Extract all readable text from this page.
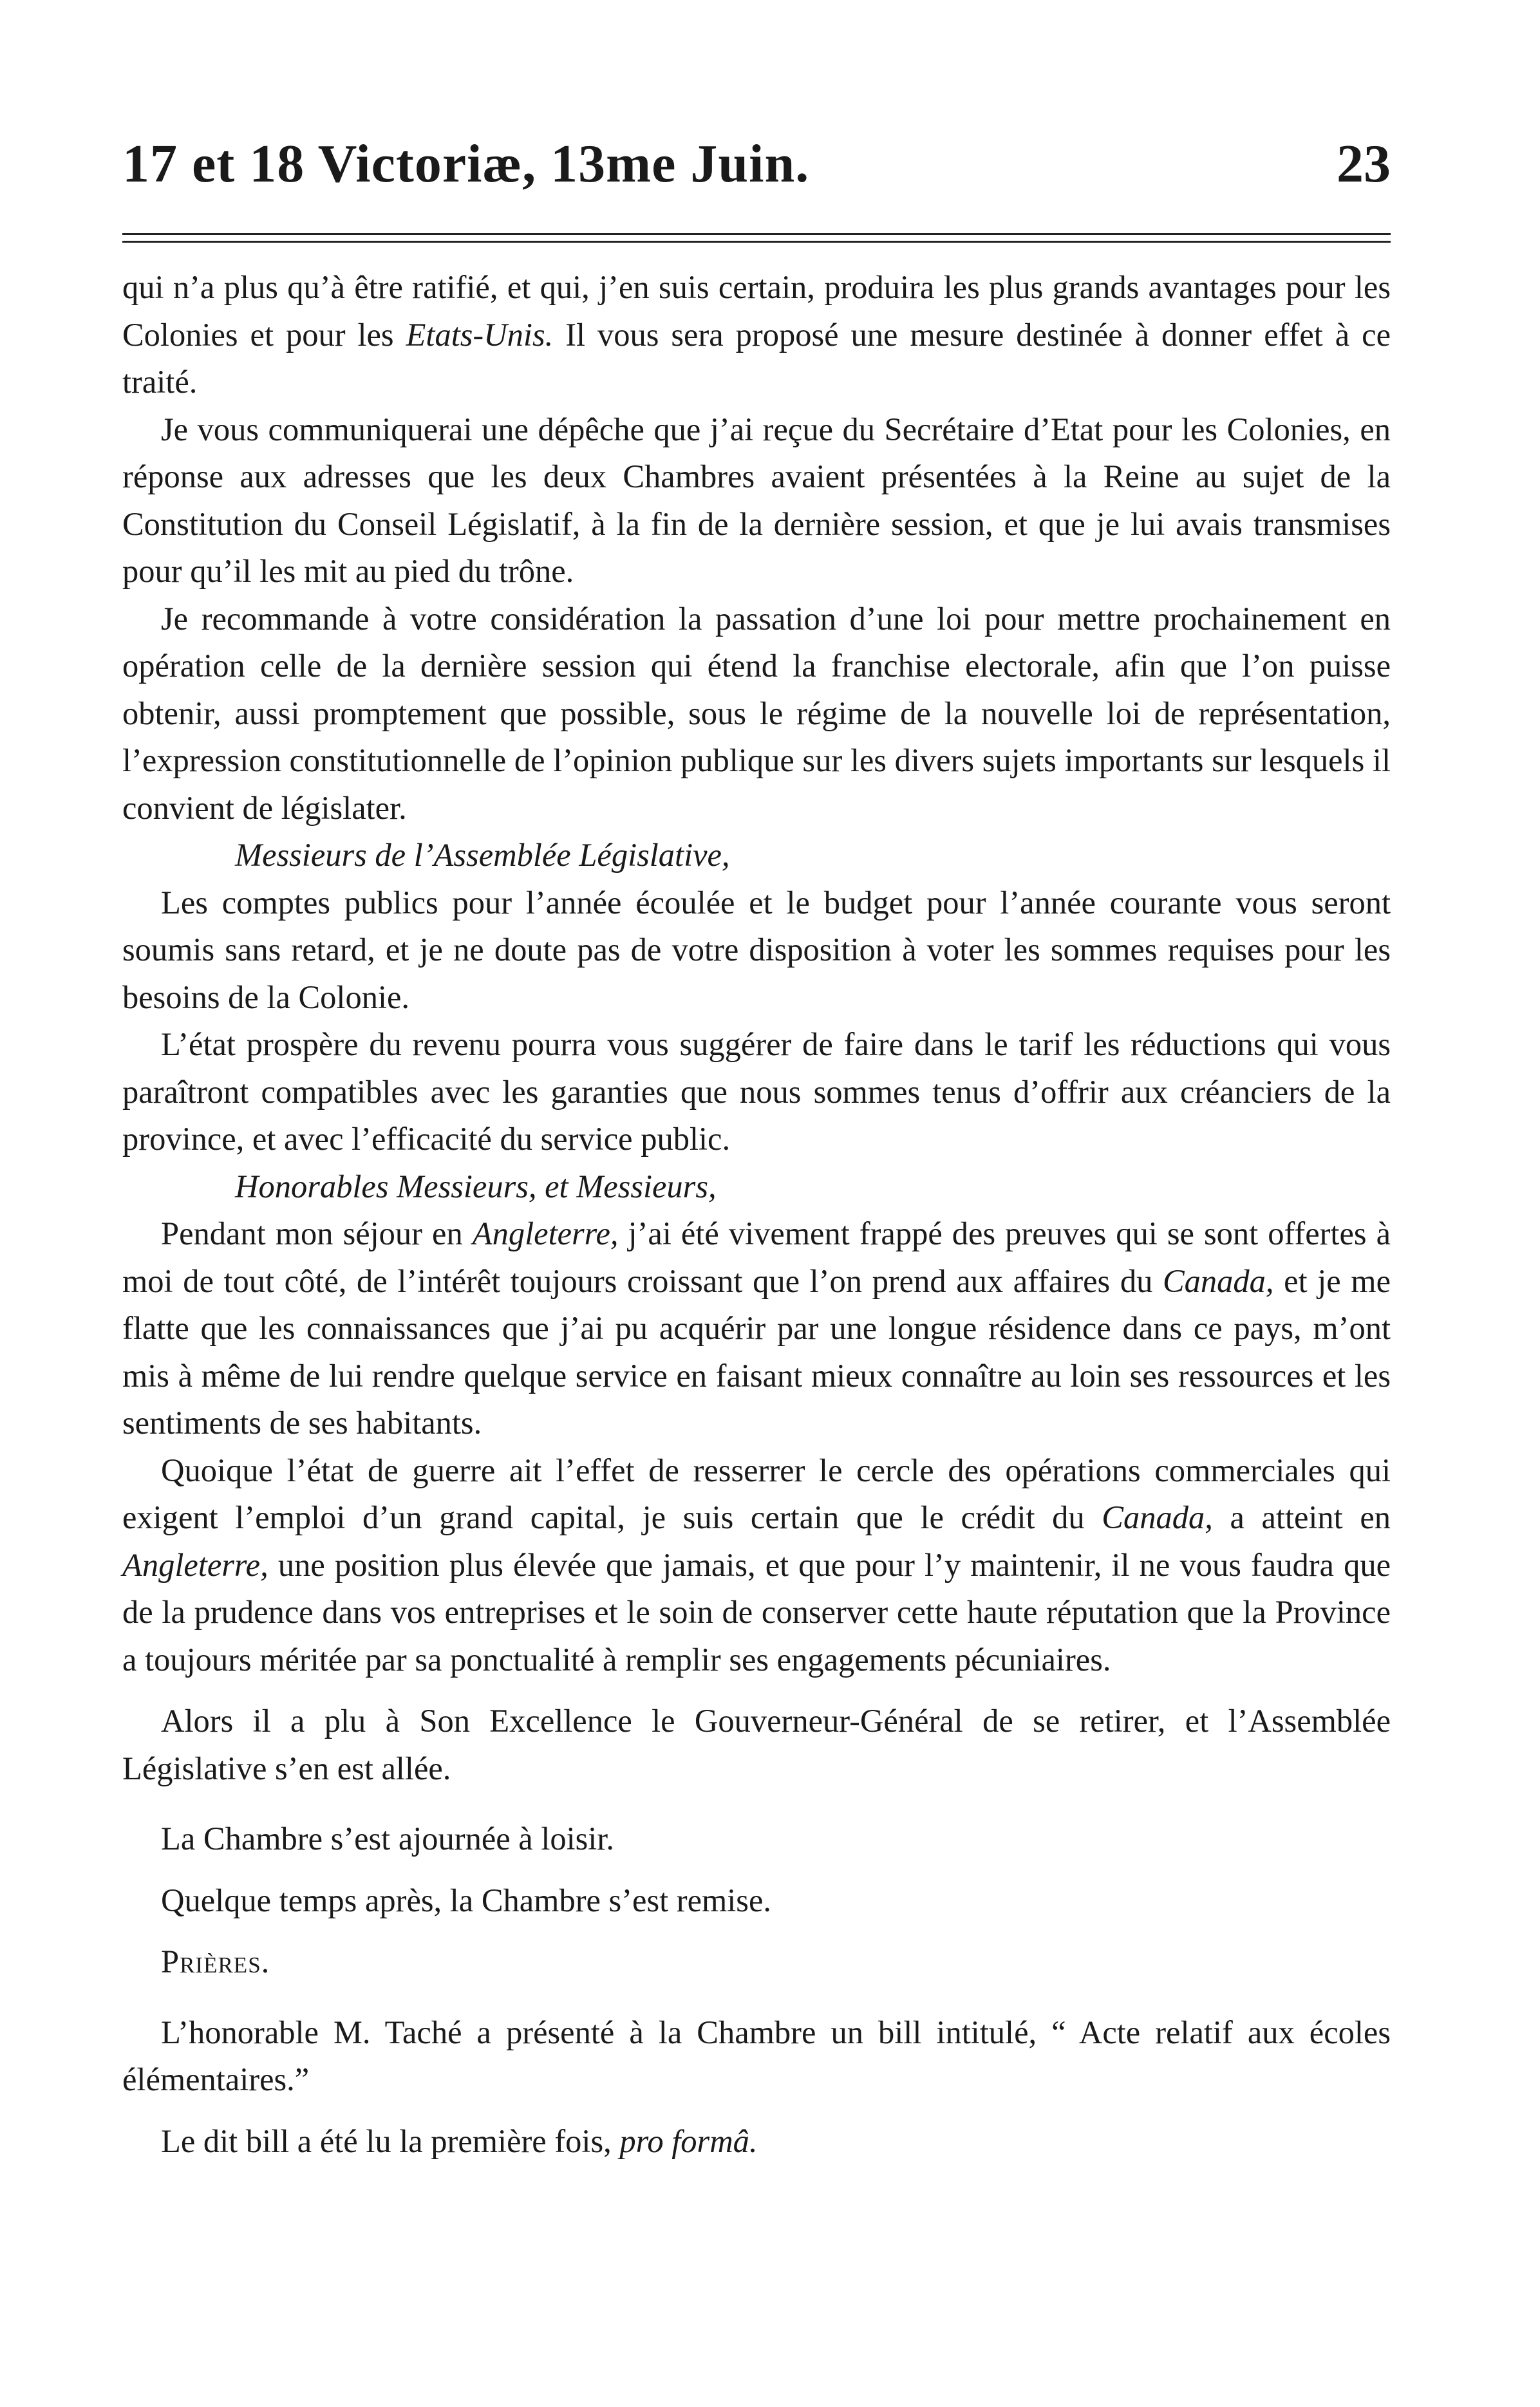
17 et 18 Victoriæ, 13me Juin.	23

qui n’a plus qu’à être ratifié, et qui, j’en suis certain, produira les plus grands avantages pour les Colonies et pour les Etats-Unis. Il vous sera proposé une mesure destinée à donner effet à ce traité.

Je vous communiquerai une dépêche que j’ai reçue du Secrétaire d’Etat pour les Colonies, en réponse aux adresses que les deux Chambres avaient présentées à la Reine au sujet de la Constitution du Conseil Législatif, à la fin de la dernière session, et que je lui avais transmises pour qu’il les mit au pied du trône.

Je recommande à votre considération la passation d’une loi pour mettre prochainement en opération celle de la dernière session qui étend la franchise electorale, afin que l’on puisse obtenir, aussi promptement que possible, sous le régime de la nouvelle loi de représentation, l’expression constitutionnelle de l’opinion publique sur les divers sujets importants sur lesquels il convient de législater.

Messieurs de l’Assemblée Législative,

Les comptes publics pour l’année écoulée et le budget pour l’année courante vous seront soumis sans retard, et je ne doute pas de votre disposition à voter les sommes requises pour les besoins de la Colonie.

L’état prospère du revenu pourra vous suggérer de faire dans le tarif les réductions qui vous paraîtront compatibles avec les garanties que nous sommes tenus d’offrir aux créanciers de la province, et avec l’efficacité du service public.

Honorables Messieurs, et Messieurs,

Pendant mon séjour en Angleterre, j’ai été vivement frappé des preuves qui se sont offertes à moi de tout côté, de l’intérêt toujours croissant que l’on prend aux affaires du Canada, et je me flatte que les connaissances que j’ai pu acquérir par une longue résidence dans ce pays, m’ont mis à même de lui rendre quelque service en faisant mieux connaître au loin ses ressources et les sentiments de ses habitants.

Quoique l’état de guerre ait l’effet de resserrer le cercle des opérations commerciales qui exigent l’emploi d’un grand capital, je suis certain que le crédit du Canada, a atteint en Angleterre, une position plus élevée que jamais, et que pour l’y maintenir, il ne vous faudra que de la prudence dans vos entreprises et le soin de conserver cette haute réputation que la Province a toujours méritée par sa ponctualité à remplir ses engagements pécuniaires.

Alors il a plu à Son Excellence le Gouverneur-Général de se retirer, et l’Assemblée Législative s’en est allée.

La Chambre s’est ajournée à loisir.

Quelque temps après, la Chambre s’est remise.

Prières.

L’honorable M. Taché a présenté à la Chambre un bill intitulé, “ Acte relatif aux écoles élémentaires.”

Le dit bill a été lu la première fois, pro formâ.
